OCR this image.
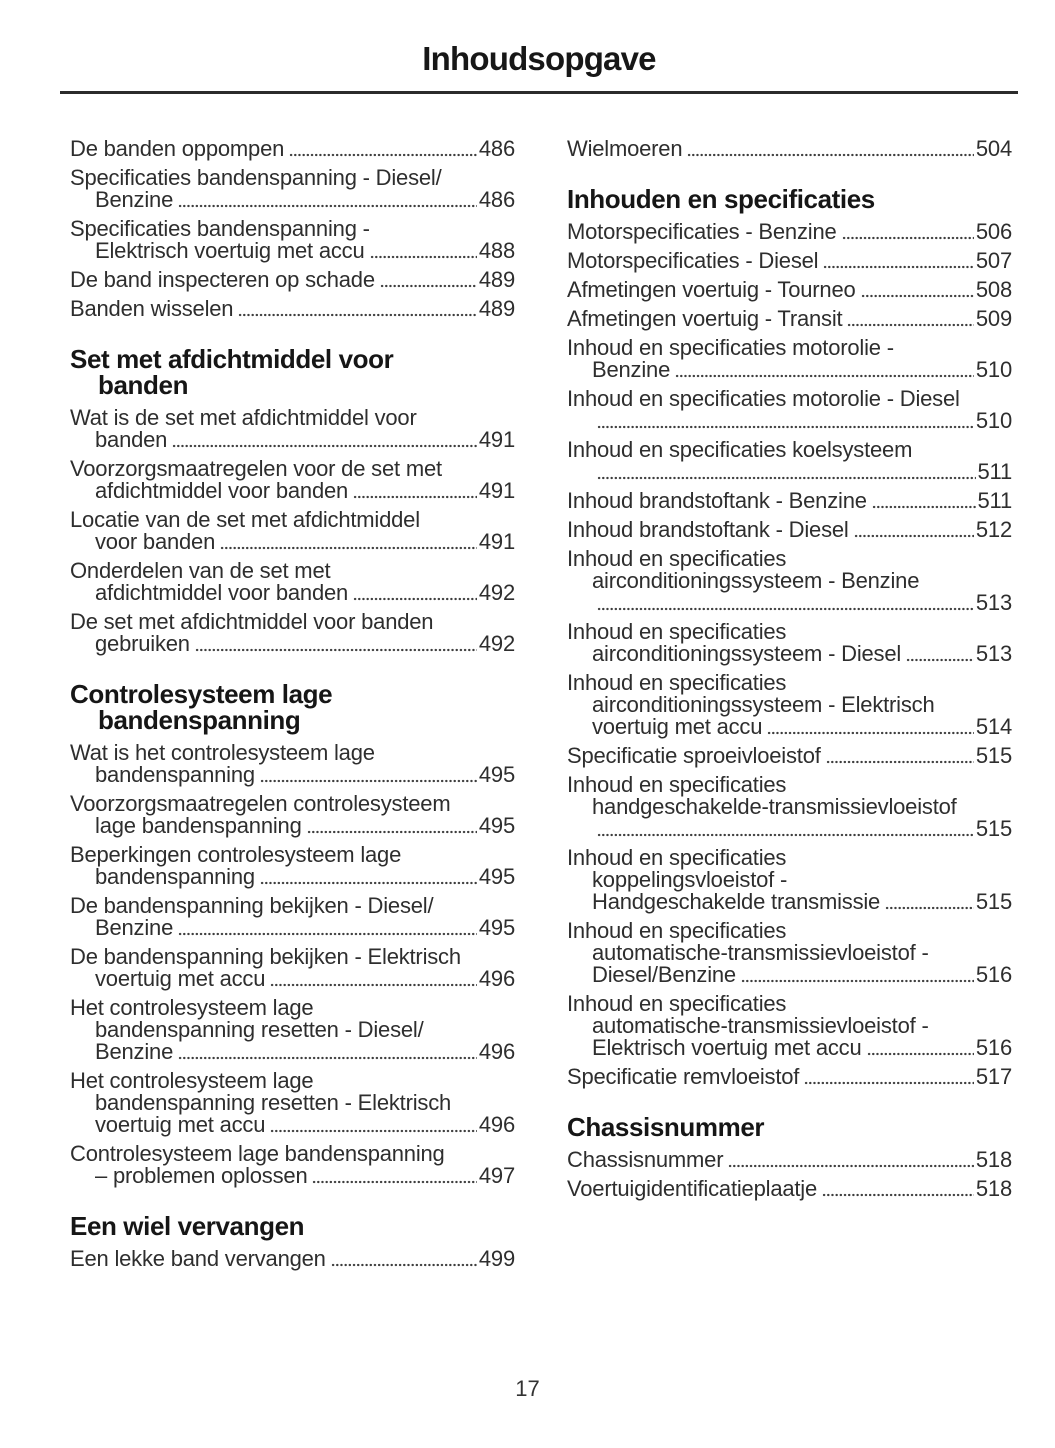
Inhoudsopgave
De banden oppompen	486
Specificaties bandenspanning - Diesel/
Benzine	486
Specificaties bandenspanning -
Elektrisch voertuig met accu	488
De band inspecteren op schade	489
Banden wisselen	489
Set met afdichtmiddel voor
banden
Wat is de set met afdichtmiddel voor
banden	491
Voorzorgsmaatregelen voor de set met
afdichtmiddel voor banden	491
Locatie van de set met afdichtmiddel
voor banden	491
Onderdelen van de set met
afdichtmiddel voor banden	492
De set met afdichtmiddel voor banden
gebruiken	492
Controlesysteem lage
bandenspanning
Wat is het controlesysteem lage
bandenspanning	495
Voorzorgsmaatregelen controlesysteem
lage bandenspanning	495
Beperkingen controlesysteem lage
bandenspanning	495
De bandenspanning bekijken - Diesel/
Benzine	495
De bandenspanning bekijken - Elektrisch
voertuig met accu	496
Het controlesysteem lage
bandenspanning resetten - Diesel/
Benzine	496
Het controlesysteem lage
bandenspanning resetten - Elektrisch
voertuig met accu	496
Controlesysteem lage bandenspanning
– problemen oplossen	497
Een wiel vervangen
Een lekke band vervangen	499
Wielmoeren	504
Inhouden en specificaties
Motorspecificaties - Benzine	506
Motorspecificaties - Diesel	507
Afmetingen voertuig - Tourneo	508
Afmetingen voertuig - Transit	509
Inhoud en specificaties motorolie -
Benzine	510
Inhoud en specificaties motorolie - Diesel
510
Inhoud en specificaties koelsysteem
511
Inhoud brandstoftank - Benzine	511
Inhoud brandstoftank - Diesel	512
Inhoud en specificaties
airconditioningssysteem - Benzine
513
Inhoud en specificaties
airconditioningssysteem - Diesel	513
Inhoud en specificaties
airconditioningssysteem - Elektrisch
voertuig met accu	514
Specificatie sproeivloeistof	515
Inhoud en specificaties
handgeschakelde-transmissievloeistof
515
Inhoud en specificaties
koppelingsvloeistof -
Handgeschakelde transmissie	515
Inhoud en specificaties
automatische-transmissievloeistof -
Diesel/Benzine	516
Inhoud en specificaties
automatische-transmissievloeistof -
Elektrisch voertuig met accu	516
Specificatie remvloeistof	517
Chassisnummer
Chassisnummer	518
Voertuigidentificatieplaatje	518
17
